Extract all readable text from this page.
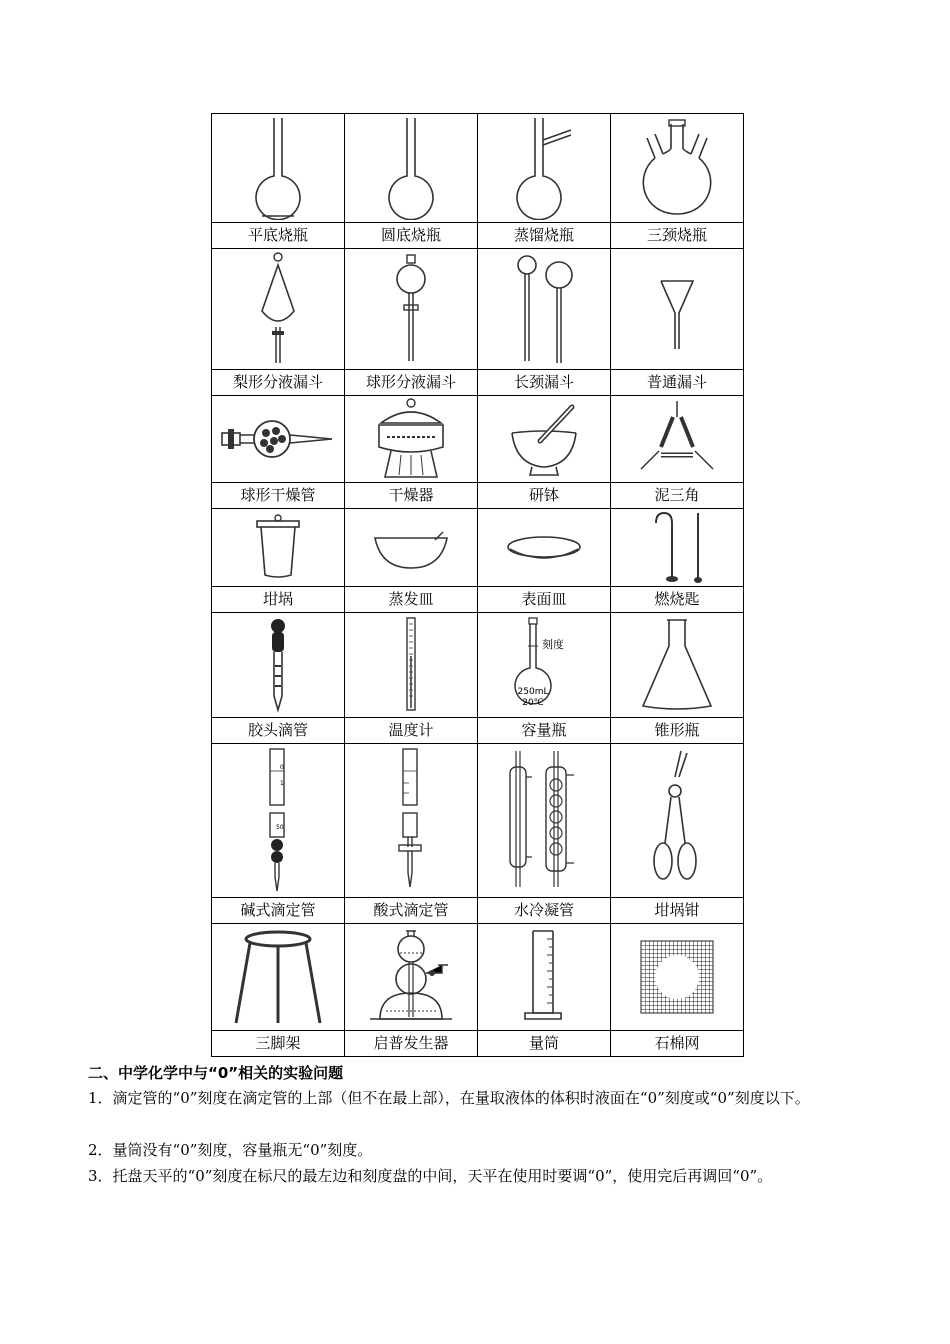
平底烧瓶	圆底烧瓶	蒸馏烧瓶	三颈烧瓶

梨形分液漏斗	球形分液漏斗	长颈漏斗	普通漏斗

球形干燥管	干燥器	研钵	泥三角

坩埚	蒸发皿	表面皿	燃烧匙

刻度
250mL
20℃

胶头滴管	温度计	容量瓶	锥形瓶

0
1
50

碱式滴定管	酸式滴定管	水冷凝管	坩埚钳

三脚架	启普发生器	量筒	石棉网
二、中学化学中与“0”相关的实验问题
1．滴定管的“0”刻度在滴定管的上部（但不在最上部），在量取液体的体积时液面在“0”刻度或“0”刻度以下。
2．量筒没有“0”刻度，容量瓶无“0”刻度。
3．托盘天平的“0”刻度在标尺的最左边和刻度盘的中间，天平在使用时要调“0”，使用完后再调回“0”。
